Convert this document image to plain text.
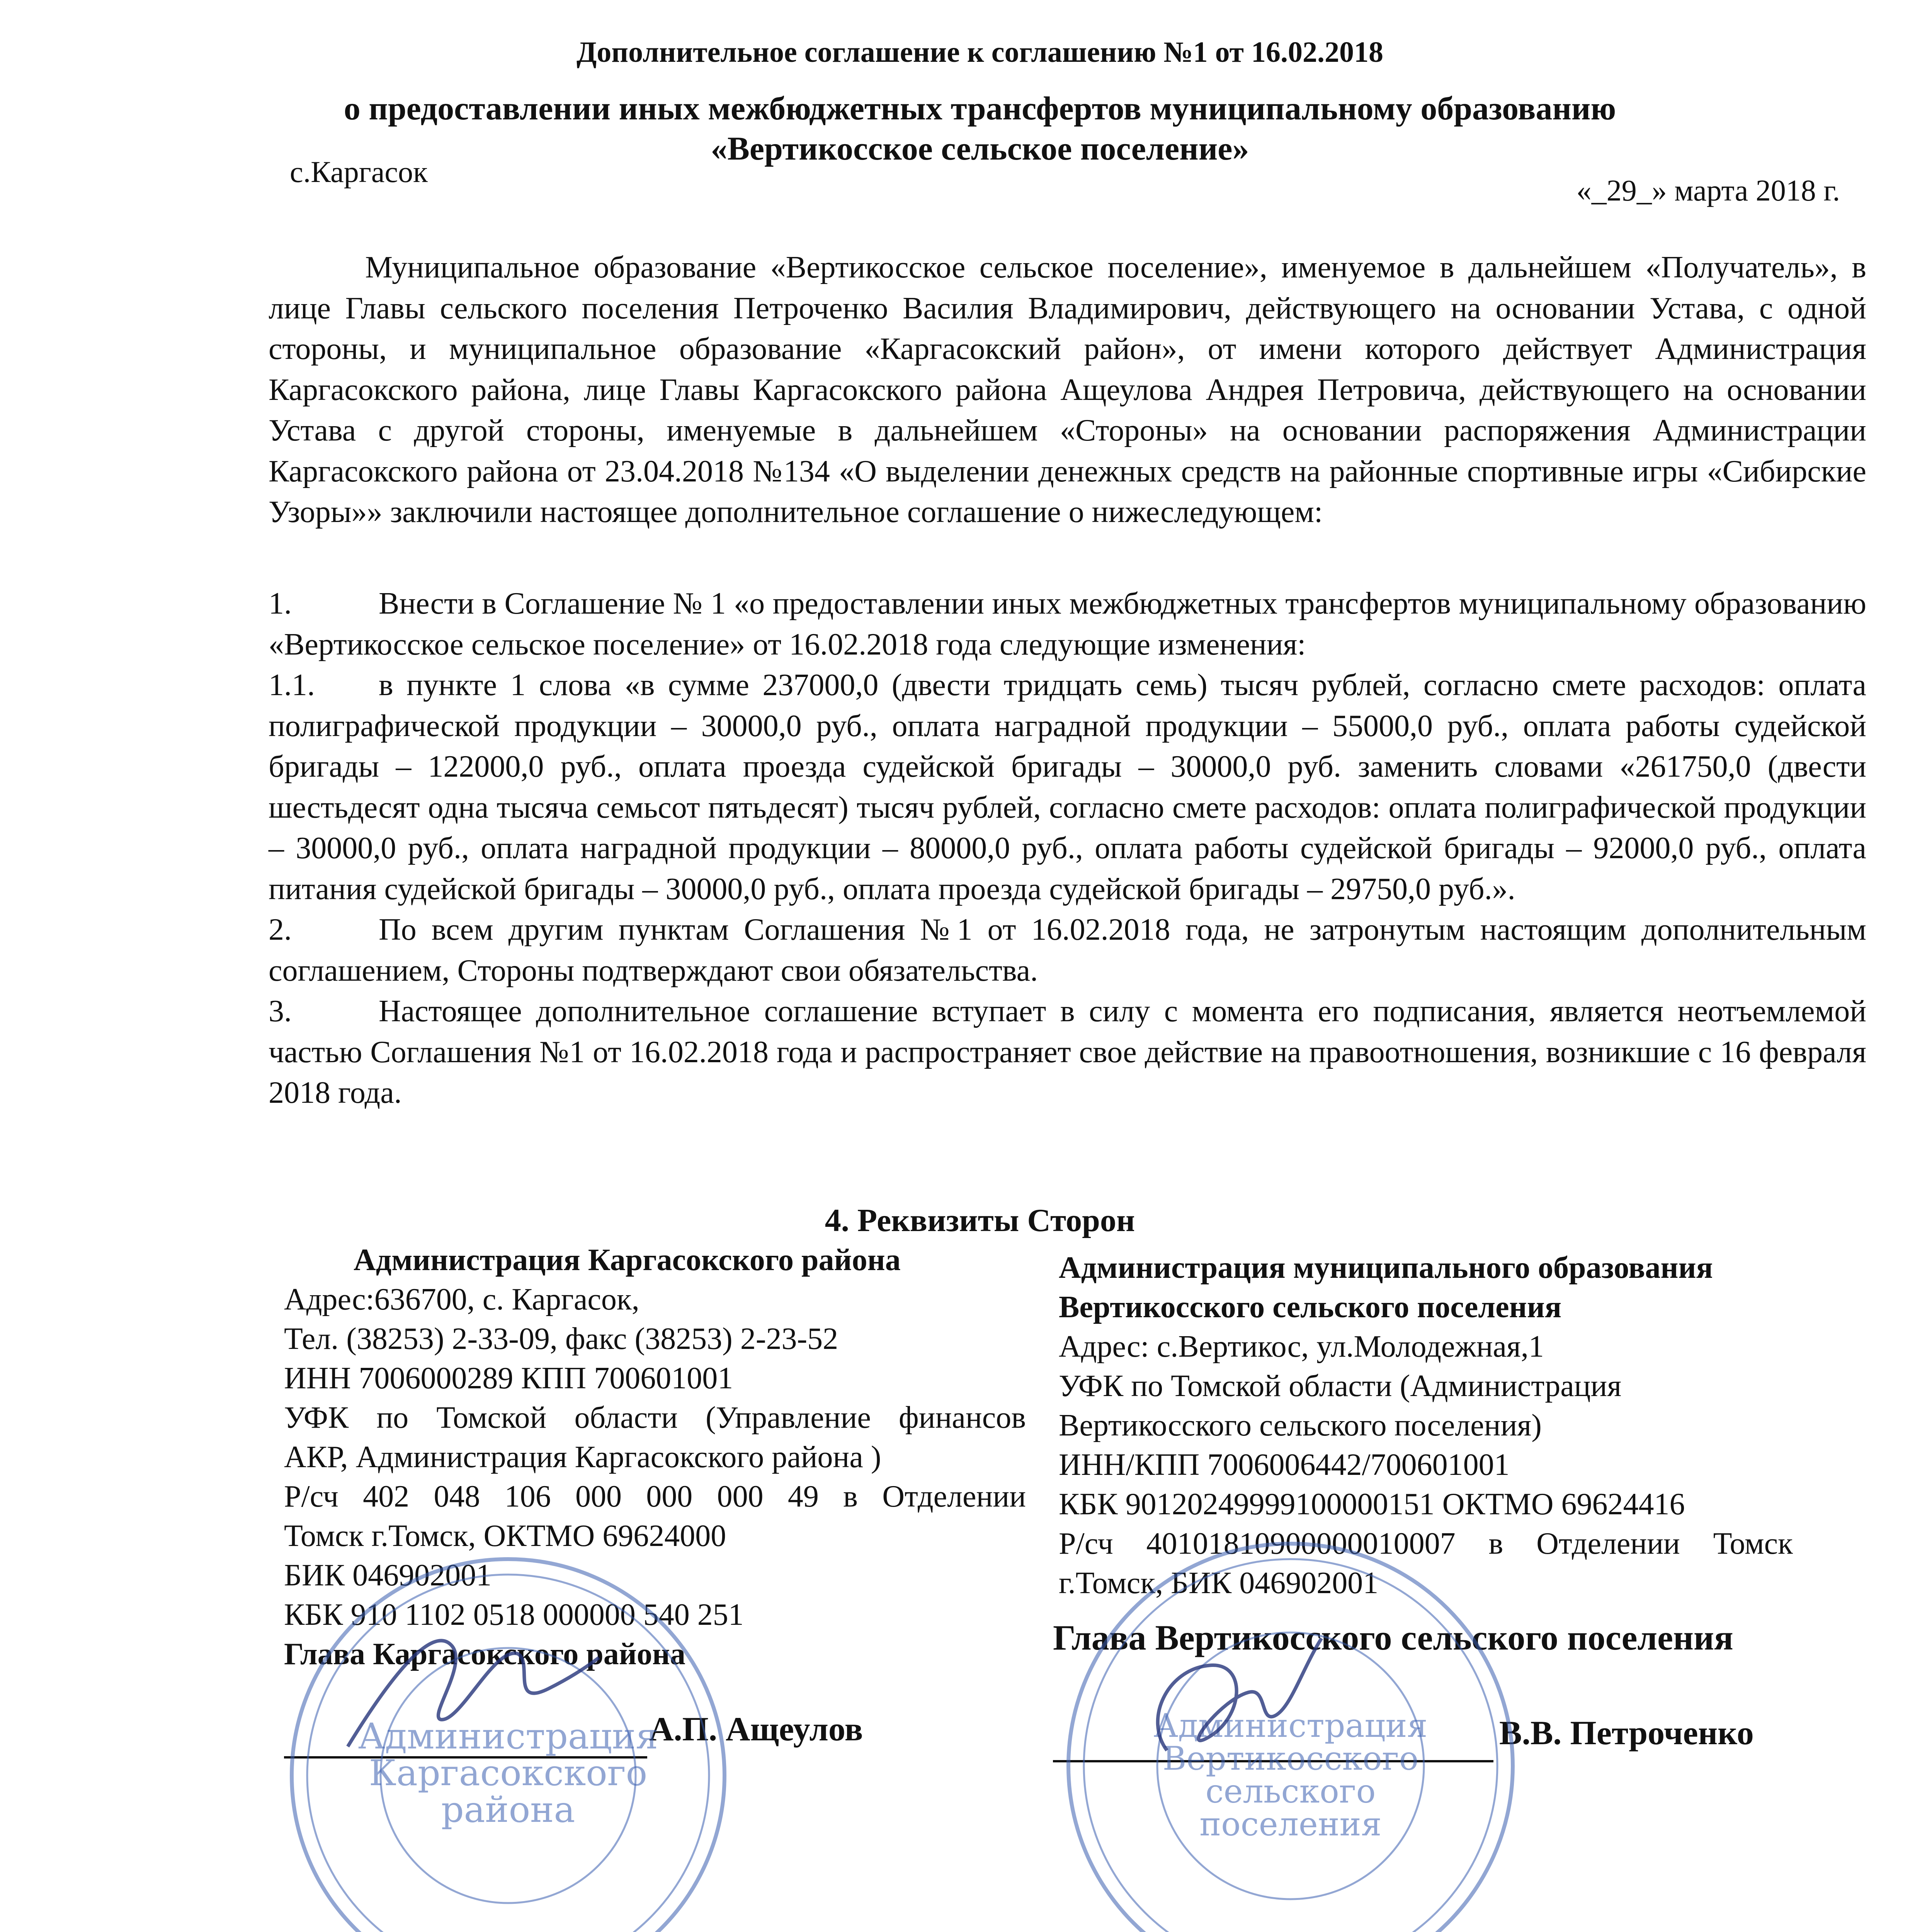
Дополнительное соглашение к соглашению №1 от 16.02.2018
о предоставлении иных межбюджетных трансфертов муниципальному образованию
«Вертикосское сельское поселение»
с.Каргасок
«_29_» марта 2018 г.

Муниципальное образование «Вертикосское сельское поселение», именуемое в дальнейшем «Получатель», в лице Главы сельского поселения Петроченко Василия Владимирович, действующего на основании Устава, с одной стороны, и муниципальное образование «Каргасокский район», от имени которого действует Администрация Каргасокского района, лице Главы Каргасокского района Ащеулова Андрея Петровича, действующего на основании Устава с другой стороны, именуемые в дальнейшем «Стороны» на основании распоряжения Администрации Каргасокского района от 23.04.2018 №134 «О выделении денежных средств на районные спортивные игры «Сибирские Узоры»» заключили настоящее дополнительное соглашение о нижеследующем:

1.	Внести в Соглашение № 1 «о предоставлении иных межбюджетных трансфертов муниципальному образованию «Вертикосское сельское поселение» от 16.02.2018 года следующие изменения:

1.1. в пункте 1 слова «в сумме 237000,0 (двести тридцать семь) тысяч рублей, согласно смете расходов: оплата полиграфической продукции – 30000,0 руб., оплата наградной продукции – 55000,0 руб., оплата работы судейской бригады – 122000,0 руб., оплата проезда судейской бригады – 30000,0 руб. заменить словами «261750,0 (двести шестьдесят одна тысяча семьсот пятьдесят) тысяч рублей, согласно смете расходов: оплата полиграфической продукции – 30000,0 руб., оплата наградной продукции – 80000,0 руб., оплата работы судейской бригады – 92000,0 руб., оплата питания судейской бригады – 30000,0 руб., оплата проезда судейской бригады – 29750,0 руб.».

2.	По всем другим пунктам Соглашения №1 от 16.02.2018 года, не затронутым настоящим дополнительным соглашением, Стороны подтверждают свои обязательства.

3.	Настоящее дополнительное соглашение вступает в силу с момента его подписания, является неотъемлемой частью Соглашения №1 от 16.02.2018 года и распространяет свое действие на правоотношения, возникшие с 16 февраля 2018 года.

4. Реквизиты Сторон
Администрация Каргасокского района
Адрес:636700, с. Каргасок,
Тел. (38253) 2-33-09, факс (38253) 2-23-52
ИНН 7006000289 КПП 700601001
УФК по Томской области (Управление финансов
АКР, Администрация Каргасокского района )
Р/сч 402 048 106 000 000 000 49 в Отделении
Томск г.Томск, ОКТМО 69624000
БИК 046902001
КБК 910 1102 0518 000000 540 251
Глава Каргасокского района
Администрация муниципального образования
Вертикосского сельского поселения
Адрес: с.Вертикос, ул.Молодежная,1
УФК по Томской области (Администрация
Вертикосского сельского поселения)
ИНН/КПП 7006006442/700601001
КБК 90120249999100000151 ОКТМО 69624416
Р/сч 40101810900000010007 в Отделении Томск
г.Томск, БИК 046902001
Глава Вертикосского сельского поселения
А.П. Ащеулов	В.В. Петроченко
Администрация
Каргасокского
района
Администрация
Вертикосского
сельского
поселения
